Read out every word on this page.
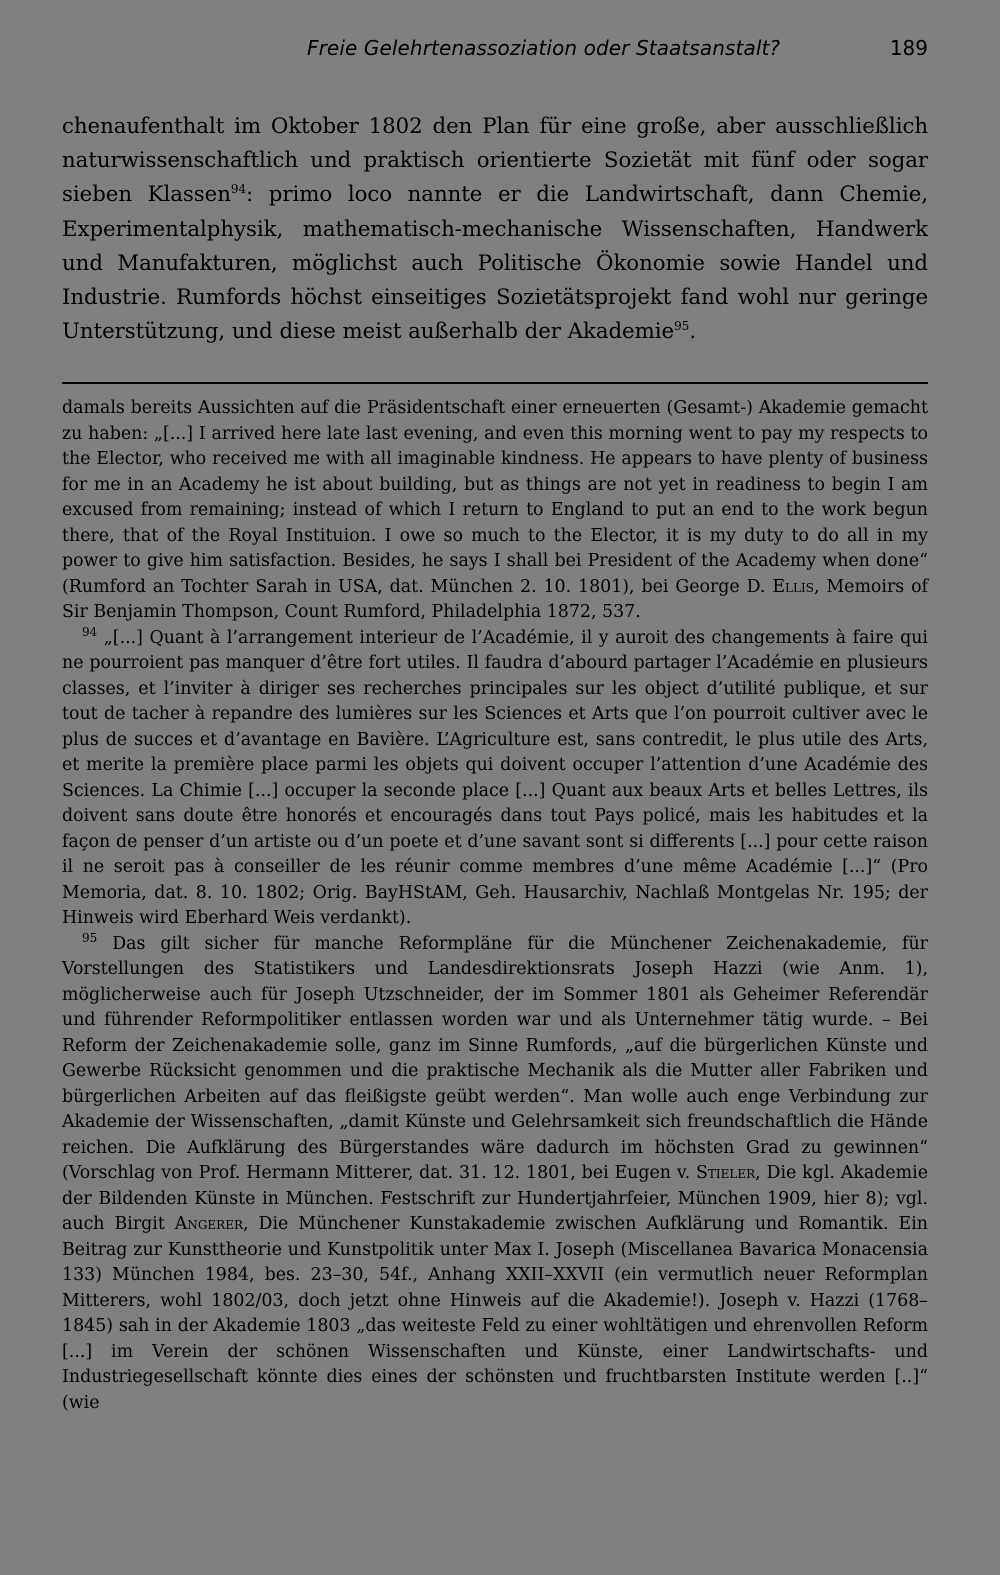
Freie Gelehrtenassoziation oder Staatsanstalt?	189

chenaufenthalt im Oktober 1802 den Plan für eine große, aber ausschließlich naturwissenschaftlich und praktisch orientierte Sozietät mit fünf oder sogar sieben Klassen$^{94}$: primo loco nannte er die Landwirtschaft, dann Chemie, Experimentalphysik, mathematisch-mechanische Wissenschaften, Handwerk und Manufakturen, möglichst auch Politische Ökonomie sowie Handel und Industrie. Rumfords höchst einseitiges Sozietätsprojekt fand wohl nur geringe Unterstützung, und diese meist außerhalb der Akademie$^{95}$.

damals bereits Aussichten auf die Präsidentschaft einer erneuerten (Gesamt-) Akademie gemacht zu haben: „[...] I arrived here late last evening, and even this morning went to pay my respects to the Elector, who received me with all imaginable kindness. He appears to have plenty of business for me in an Academy he ist about building, but as things are not yet in readiness to begin I am excused from remaining; instead of which I return to England to put an end to the work begun there, that of the Royal Instituion. I owe so much to the Elector, it is my duty to do all in my power to give him satisfaction. Besides, he says I shall bei President of the Academy when done“ (Rumford an Tochter Sarah in USA, dat. München 2. 10. 1801), bei George D. Ellis, Memoirs of Sir Benjamin Thompson, Count Rumford, Philadelphia 1872, 537.

$^{94}$ „[...] Quant à l’arrangement interieur de l’Académie, il y auroit des changements à faire qui ne pourroient pas manquer d’être fort utiles. Il faudra d’abourd partager l’Académie en plusieurs classes, et l’inviter à diriger ses recherches principales sur les object d’utilité publique, et sur tout de tacher à repandre des lumières sur les Sciences et Arts que l’on pourroit cultiver avec le plus de succes et d’avantage en Bavière. L’Agriculture est, sans contredit, le plus utile des Arts, et merite la première place parmi les objets qui doivent occuper l’attention d’une Académie des Sciences. La Chimie [...] occuper la seconde place [...] Quant aux beaux Arts et belles Lettres, ils doivent sans doute être honorés et encouragés dans tout Pays policé, mais les habitudes et la façon de penser d’un artiste ou d’un poete et d’une savant sont si differents [...] pour cette raison il ne seroit pas à conseiller de les réunir comme membres d’une même Académie [...]“ (Pro Memoria, dat. 8. 10. 1802; Orig. BayHStAM, Geh. Hausarchiv, Nachlaß Montgelas Nr. 195; der Hinweis wird Eberhard Weis verdankt).

$^{95}$ Das gilt sicher für manche Reformpläne für die Münchener Zeichenakademie, für Vorstellungen des Statistikers und Landesdirektionsrats Joseph Hazzi (wie Anm. 1), möglicherweise auch für Joseph Utzschneider, der im Sommer 1801 als Geheimer Referendär und führender Reformpolitiker entlassen worden war und als Unternehmer tätig wurde. – Bei Reform der Zeichenakademie solle, ganz im Sinne Rumfords, „auf die bürgerlichen Künste und Gewerbe Rücksicht genommen und die praktische Mechanik als die Mutter aller Fabriken und bürgerlichen Arbeiten auf das fleißigste geübt werden“. Man wolle auch enge Verbindung zur Akademie der Wissenschaften, „damit Künste und Gelehrsamkeit sich freundschaftlich die Hände reichen. Die Aufklärung des Bürgerstandes wäre dadurch im höchsten Grad zu gewinnen“ (Vorschlag von Prof. Hermann Mitterer, dat. 31. 12. 1801, bei Eugen v. Stieler, Die kgl. Akademie der Bildenden Künste in München. Festschrift zur Hundertjahrfeier, München 1909, hier 8); vgl. auch Birgit Angerer, Die Münchener Kunstakademie zwischen Aufklärung und Romantik. Ein Beitrag zur Kunsttheorie und Kunstpolitik unter Max I. Joseph (Miscellanea Bavarica Monacensia 133) München 1984, bes. 23–30, 54f., Anhang XXII–XXVII (ein vermutlich neuer Reformplan Mitterers, wohl 1802/03, doch jetzt ohne Hinweis auf die Akademie!). Joseph v. Hazzi (1768–1845) sah in der Akademie 1803 „das weiteste Feld zu einer wohltätigen und ehrenvollen Reform [...] im Verein der schönen Wissenschaften und Künste, einer Landwirtschafts- und Industriegesellschaft könnte dies eines der schönsten und fruchtbarsten Institute werden [..]“ (wie
